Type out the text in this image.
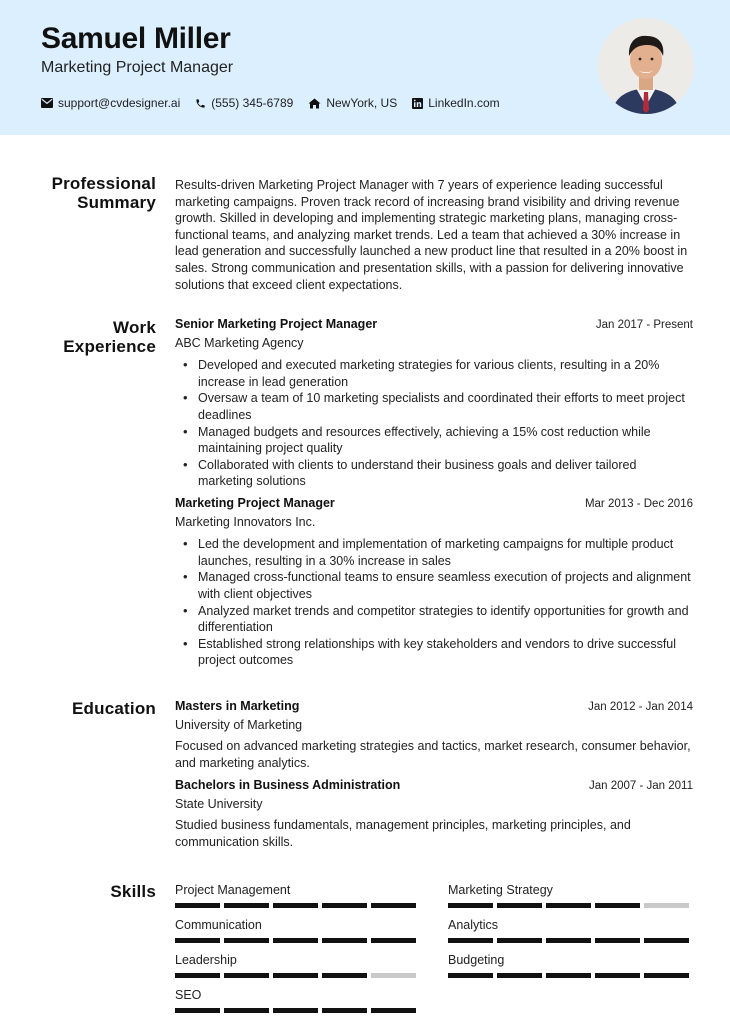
Samuel Miller
Marketing Project Manager
support@cvdesigner.ai	(555) 345-6789	NewYork, US	LinkedIn.com
Professional
Summary
Results-driven Marketing Project Manager with 7 years of experience leading successful marketing campaigns. Proven track record of increasing brand visibility and driving revenue growth. Skilled in developing and implementing strategic marketing plans, managing cross-functional teams, and analyzing market trends. Led a team that achieved a 30% increase in lead generation and successfully launched a new product line that resulted in a 20% boost in sales. Strong communication and presentation skills, with a passion for delivering innovative solutions that exceed client expectations.
Work
Experience
Senior Marketing Project Manager	Jan 2017 - Present
ABC Marketing Agency
• Developed and executed marketing strategies for various clients, resulting in a 20% increase in lead generation
• Oversaw a team of 10 marketing specialists and coordinated their efforts to meet project deadlines
• Managed budgets and resources effectively, achieving a 15% cost reduction while maintaining project quality
• Collaborated with clients to understand their business goals and deliver tailored marketing solutions
Marketing Project Manager	Mar 2013 - Dec 2016
Marketing Innovators Inc.
• Led the development and implementation of marketing campaigns for multiple product launches, resulting in a 30% increase in sales
• Managed cross-functional teams to ensure seamless execution of projects and alignment with client objectives
• Analyzed market trends and competitor strategies to identify opportunities for growth and differentiation
• Established strong relationships with key stakeholders and vendors to drive successful project outcomes
Education Masters in Marketing	Jan 2012 - Jan 2014
University of Marketing
Focused on advanced marketing strategies and tactics, market research, consumer behavior, and marketing analytics.
Bachelors in Business Administration	Jan 2007 - Jan 2011
State University
Studied business fundamentals, management principles, marketing principles, and communication skills.
Skills Project Management	Marketing Strategy
Communication	Analytics
Leadership	Budgeting
SEO
